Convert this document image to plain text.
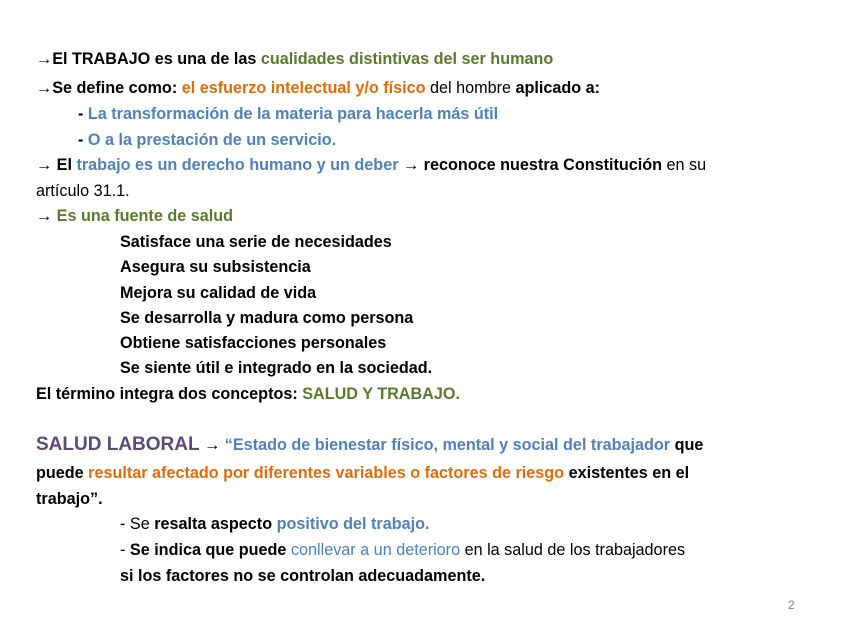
→El TRABAJO es una de las cualidades distintivas del ser humano
→Se define como: el esfuerzo intelectual y/o físico del hombre aplicado a:
- La transformación de la materia para hacerla más útil
- O a la prestación de un servicio.
→ El trabajo es un derecho humano y un deber → reconoce nuestra Constitución en su
artículo 31.1.
→ Es una fuente de salud
Satisface una serie de necesidades
Asegura su subsistencia
Mejora su calidad de vida
Se desarrolla y madura como persona
Obtiene satisfacciones personales
Se siente útil e integrado en la sociedad.
El término integra dos conceptos: SALUD Y TRABAJO.
SALUD LABORAL → “Estado de bienestar físico, mental y social del trabajador que
puede resultar afectado por diferentes variables o factores de riesgo existentes en el
trabajo”.
- Se resalta aspecto positivo del trabajo.
- Se indica que puede conllevar a un deterioro en la salud de los trabajadores
si los factores no se controlan adecuadamente.
2
